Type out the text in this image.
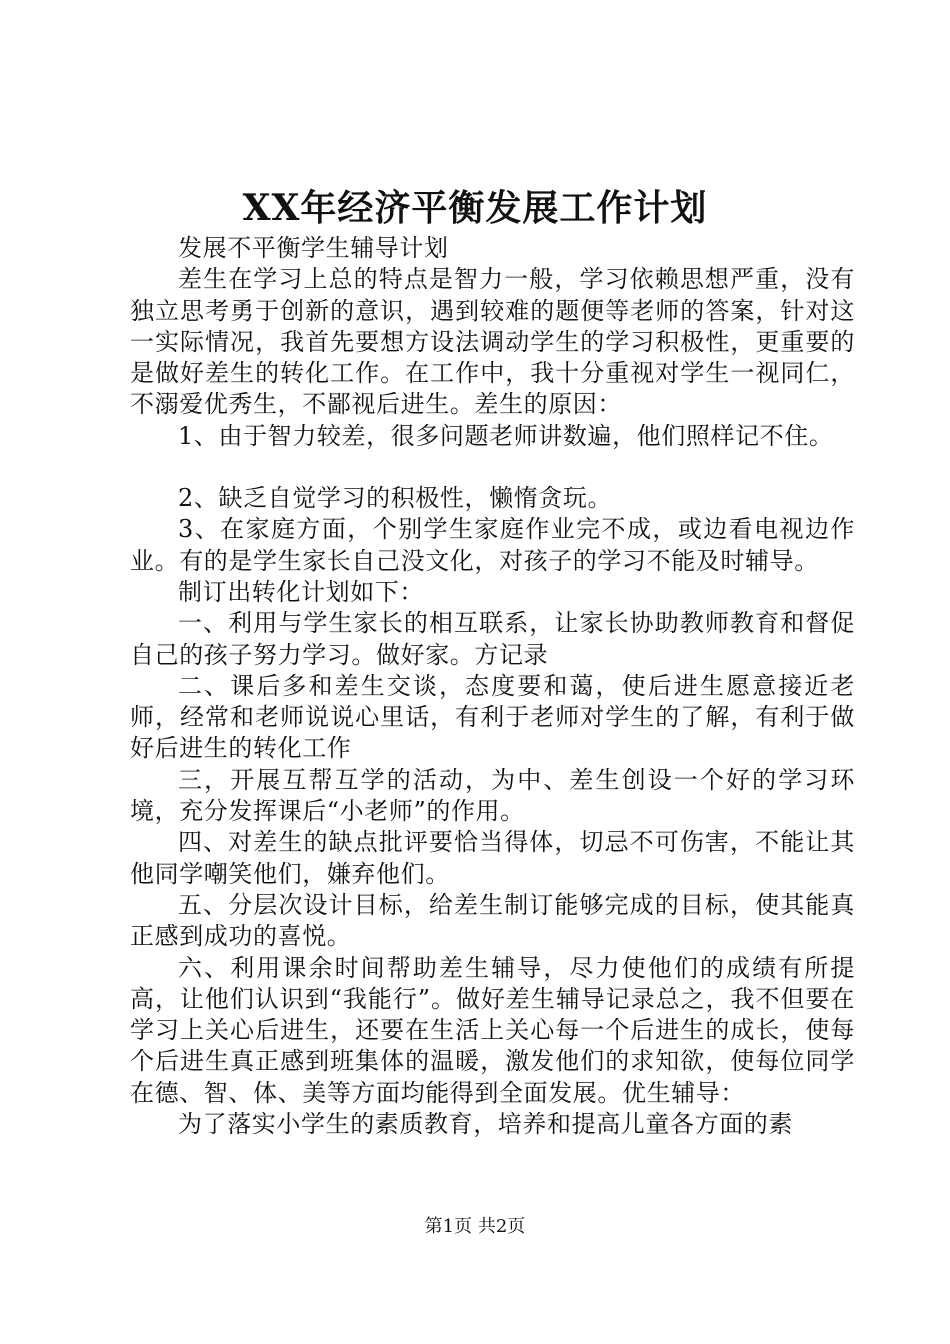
XX年经济平衡发展工作计划

发展不平衡学生辅导计划

差生在学习上总的特点是智力一般，学习依赖思想严重，没有独立思考勇于创新的意识，遇到较难的题便等老师的答案，针对这一实际情况，我首先要想方设法调动学生的学习积极性，更重要的是做好差生的转化工作。在工作中，我十分重视对学生一视同仁，不溺爱优秀生，不鄙视后进生。差生的原因：

1、由于智力较差，很多问题老师讲数遍，他们照样记不住。

2、缺乏自觉学习的积极性，懒惰贪玩。

3、在家庭方面，个别学生家庭作业完不成，或边看电视边作业。有的是学生家长自己没文化，对孩子的学习不能及时辅导。

制订出转化计划如下：

一、利用与学生家长的相互联系，让家长协助教师教育和督促自己的孩子努力学习。做好家。方记录

二、课后多和差生交谈，态度要和蔼，使后进生愿意接近老师，经常和老师说说心里话，有利于老师对学生的了解，有利于做好后进生的转化工作

三，开展互帮互学的活动，为中、差生创设一个好的学习环境，充分发挥课后“小老师”的作用。

四、对差生的缺点批评要恰当得体，切忌不可伤害，不能让其他同学嘲笑他们，嫌弃他们。

五、分层次设计目标，给差生制订能够完成的目标，使其能真正感到成功的喜悦。

六、利用课余时间帮助差生辅导，尽力使他们的成绩有所提高，让他们认识到“我能行”。做好差生辅导记录总之，我不但要在学习上关心后进生，还要在生活上关心每一个后进生的成长，使每个后进生真正感到班集体的温暖，激发他们的求知欲，使每位同学在德、智、体、美等方面均能得到全面发展。优生辅导：

为了落实小学生的素质教育，培养和提高儿童各方面的素

第1页 共2页
